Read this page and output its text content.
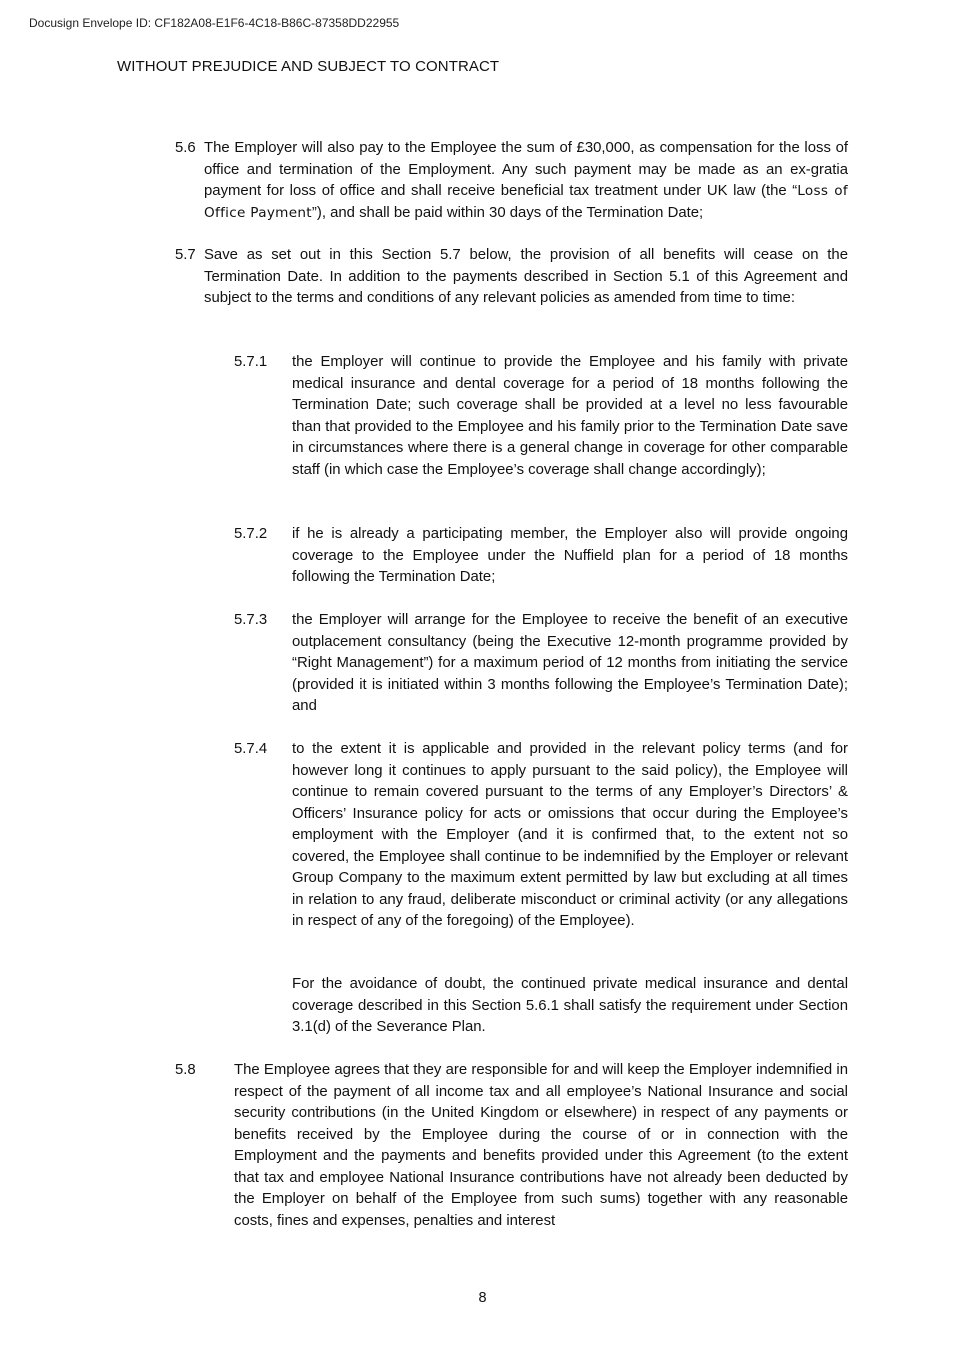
Docusign Envelope ID: CF182A08-E1F6-4C18-B86C-87358DD22955
WITHOUT PREJUDICE AND SUBJECT TO CONTRACT
5.6 The Employer will also pay to the Employee the sum of £30,000, as compensation for the loss of office and termination of the Employment. Any such payment may be made as an ex-gratia payment for loss of office and shall receive beneficial tax treatment under UK law (the “Loss of Office Payment”), and shall be paid within 30 days of the Termination Date;
5.7 Save as set out in this Section 5.7 below, the provision of all benefits will cease on the Termination Date. In addition to the payments described in Section 5.1 of this Agreement and subject to the terms and conditions of any relevant policies as amended from time to time:
5.7.1 the Employer will continue to provide the Employee and his family with private medical insurance and dental coverage for a period of 18 months following the Termination Date; such coverage shall be provided at a level no less favourable than that provided to the Employee and his family prior to the Termination Date save in circumstances where there is a general change in coverage for other comparable staff (in which case the Employee’s coverage shall change accordingly);
5.7.2 if he is already a participating member, the Employer also will provide ongoing coverage to the Employee under the Nuffield plan for a period of 18 months following the Termination Date;
5.7.3 the Employer will arrange for the Employee to receive the benefit of an executive outplacement consultancy (being the Executive 12-month programme provided by “Right Management”) for a maximum period of 12 months from initiating the service (provided it is initiated within 3 months following the Employee’s Termination Date); and
5.7.4 to the extent it is applicable and provided in the relevant policy terms (and for however long it continues to apply pursuant to the said policy), the Employee will continue to remain covered pursuant to the terms of any Employer’s Directors’ & Officers’ Insurance policy for acts or omissions that occur during the Employee’s employment with the Employer (and it is confirmed that, to the extent not so covered, the Employee shall continue to be indemnified by the Employer or relevant Group Company to the maximum extent permitted by law but excluding at all times in relation to any fraud, deliberate misconduct or criminal activity (or any allegations in respect of any of the foregoing) of the Employee).
For the avoidance of doubt, the continued private medical insurance and dental coverage described in this Section 5.6.1 shall satisfy the requirement under Section 3.1(d) of the Severance Plan.
5.8	The Employee agrees that they are responsible for and will keep the Employer indemnified in respect of the payment of all income tax and all employee’s National Insurance and social security contributions (in the United Kingdom or elsewhere) in respect of any payments or benefits received by the Employee during the course of or in connection with the Employment and the payments and benefits provided under this Agreement (to the extent that tax and employee National Insurance contributions have not already been deducted by the Employer on behalf of the Employee from such sums) together with any reasonable costs, fines and expenses, penalties and interest
8
